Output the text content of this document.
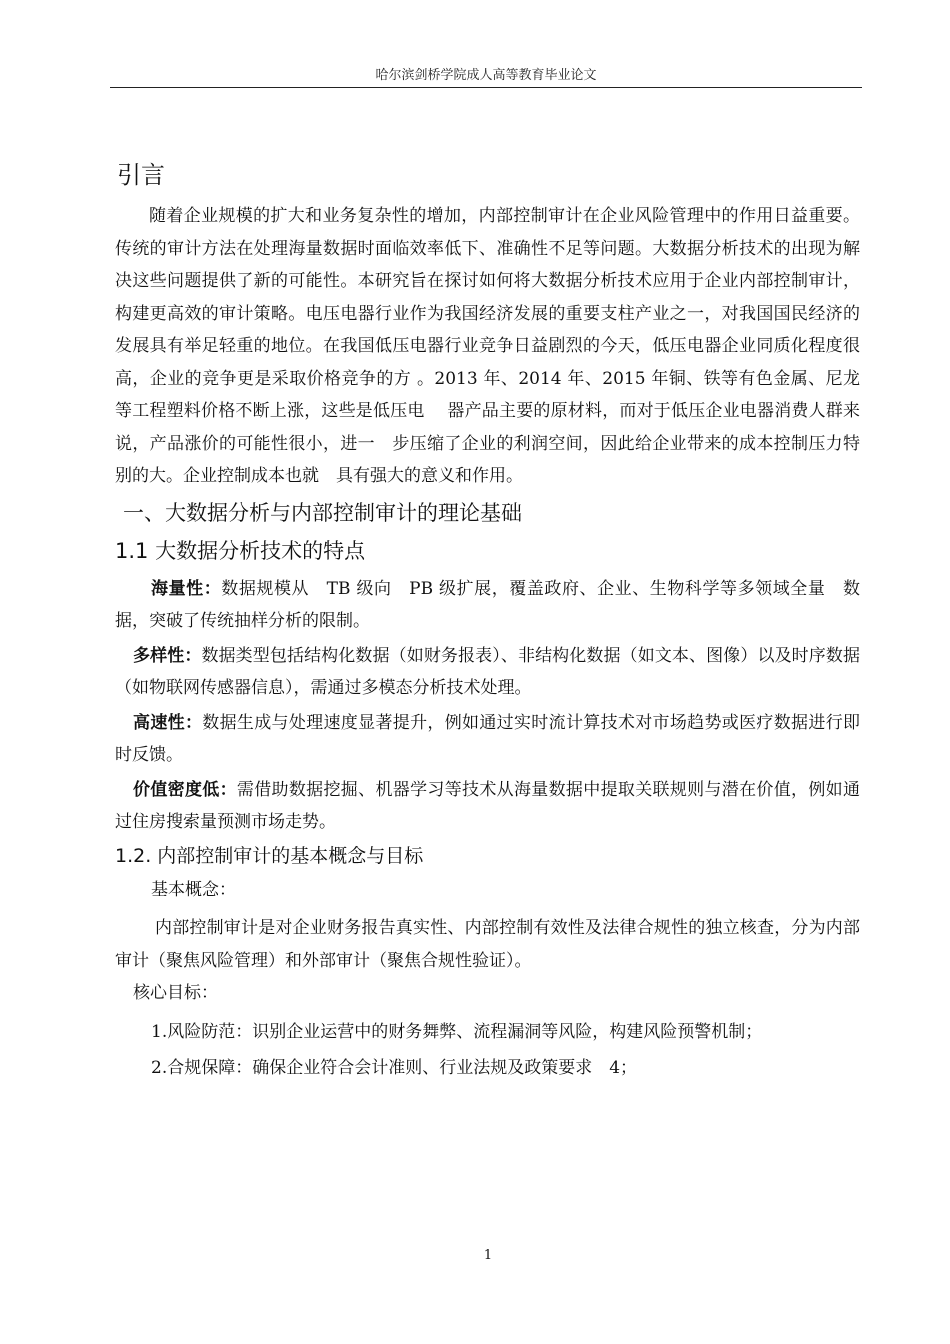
哈尔滨剑桥学院成人高等教育毕业论文
引言

随着企业规模的扩大和业务复杂性的增加，内部控制审计在企业风险管理中的作用日益重要。传统的审计方法在处理海量数据时面临效率低下、准确性不足等问题。大数据分析技术的出现为解决这些问题提供了新的可能性。本研究旨在探讨如何将大数据分析技术应用于企业内部控制审计，构建更高效的审计策略。电压电器行业作为我国经济发展的重要支柱产业之一，对我国国民经济的发展具有举足轻重的地位。在我国低压电器行业竞争日益剧烈的今天，低压电器企业同质化程度很高，企业的竞争更是采取价格竞争的方 。2013 年、2014 年、2015 年铜、铁等有色金属、尼龙等工程塑料价格不断上涨，这些是低压电　 器产品主要的原材料，而对于低压企业电器消费人群来说，产品涨价的可能性很小，进一　步压缩了企业的利润空间，因此给企业带来的成本控制压力特别的大。企业控制成本也就　具有强大的意义和作用。

一、大数据分析与内部控制审计的理论基础
1.1 大数据分析技术的特点

海量性：数据规模从　TB 级向　PB 级扩展，覆盖政府、企业、生物科学等多领域全量　数据，突破了传统抽样分析的限制。

多样性：数据类型包括结构化数据（如财务报表）、非结构化数据（如文本、图像）以及时序数据（如物联网传感器信息），需通过多模态分析技术处理。

高速性：数据生成与处理速度显著提升，例如通过实时流计算技术对市场趋势或医疗数据进行即时反馈。

价值密度低：需借助数据挖掘、机器学习等技术从海量数据中提取关联规则与潜在价值，例如通过住房搜索量预测市场走势。

1.2. 内部控制审计的基本概念与目标

基本概念：

内部控制审计是对企业财务报告真实性、内部控制有效性及法律合规性的独立核查，分为内部审计（聚焦风险管理）和外部审计（聚焦合规性验证）。

核心目标：

1.风险防范：识别企业运营中的财务舞弊、流程漏洞等风险，构建风险预警机制；

2.合规保障：确保企业符合会计准则、行业法规及政策要求　4；

1
